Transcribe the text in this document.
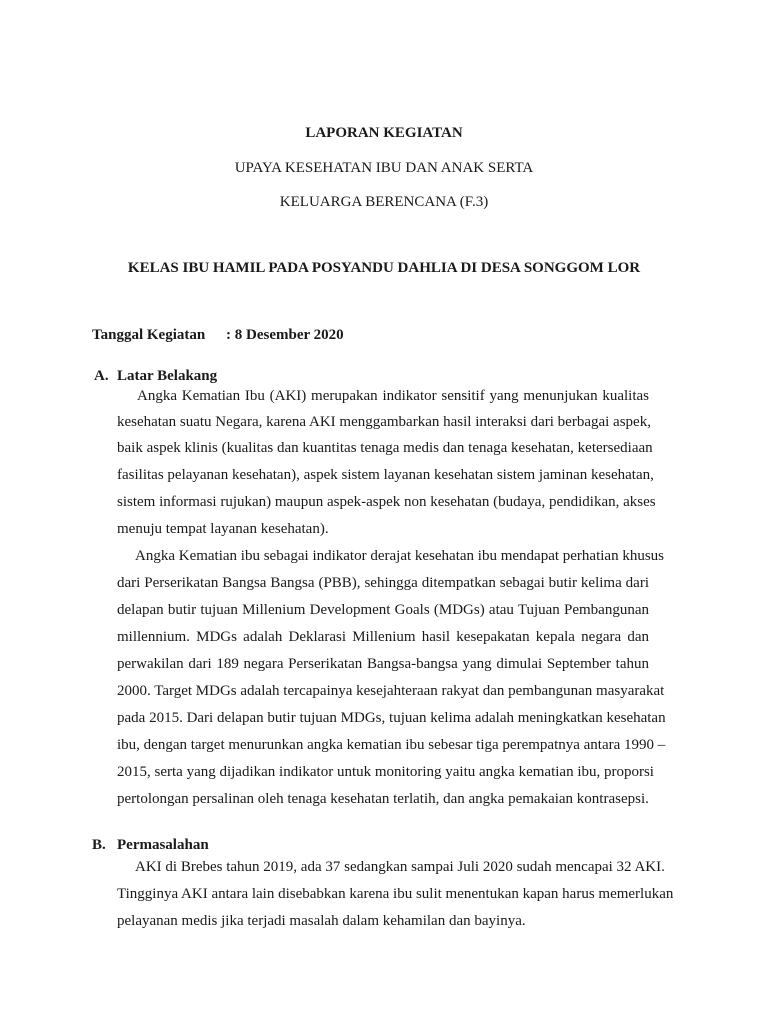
LAPORAN KEGIATAN
UPAYA KESEHATAN IBU DAN ANAK SERTA
KELUARGA BERENCANA (F.3)
KELAS IBU HAMIL PADA POSYANDU DAHLIA DI DESA SONGGOM LOR
Tanggal Kegiatan : 8 Desember 2020
A. Latar Belakang
Angka Kematian Ibu (AKI) merupakan indikator sensitif yang menunjukan kualitas
kesehatan suatu Negara, karena AKI menggambarkan hasil interaksi dari berbagai aspek,
baik aspek klinis (kualitas dan kuantitas tenaga medis dan tenaga kesehatan, ketersediaan
fasilitas pelayanan kesehatan), aspek sistem layanan kesehatan sistem jaminan kesehatan,
sistem informasi rujukan) maupun aspek-aspek non kesehatan (budaya, pendidikan, akses
menuju tempat layanan kesehatan).
Angka Kematian ibu sebagai indikator derajat kesehatan ibu mendapat perhatian khusus
dari Perserikatan Bangsa Bangsa (PBB), sehingga ditempatkan sebagai butir kelima dari
delapan butir tujuan Millenium Development Goals (MDGs) atau Tujuan Pembangunan
millennium. MDGs adalah Deklarasi Millenium hasil kesepakatan kepala negara dan
perwakilan dari 189 negara Perserikatan Bangsa-bangsa yang dimulai September tahun
2000. Target MDGs adalah tercapainya kesejahteraan rakyat dan pembangunan masyarakat
pada 2015. Dari delapan butir tujuan MDGs, tujuan kelima adalah meningkatkan kesehatan
ibu, dengan target menurunkan angka kematian ibu sebesar tiga perempatnya antara 1990 –
2015, serta yang dijadikan indikator untuk monitoring yaitu angka kematian ibu, proporsi
pertolongan persalinan oleh tenaga kesehatan terlatih, dan angka pemakaian kontrasepsi.
B. Permasalahan
AKI di Brebes tahun 2019, ada 37 sedangkan sampai Juli 2020 sudah mencapai 32 AKI.
Tingginya AKI antara lain disebabkan karena ibu sulit menentukan kapan harus memerlukan
pelayanan medis jika terjadi masalah dalam kehamilan dan bayinya.
